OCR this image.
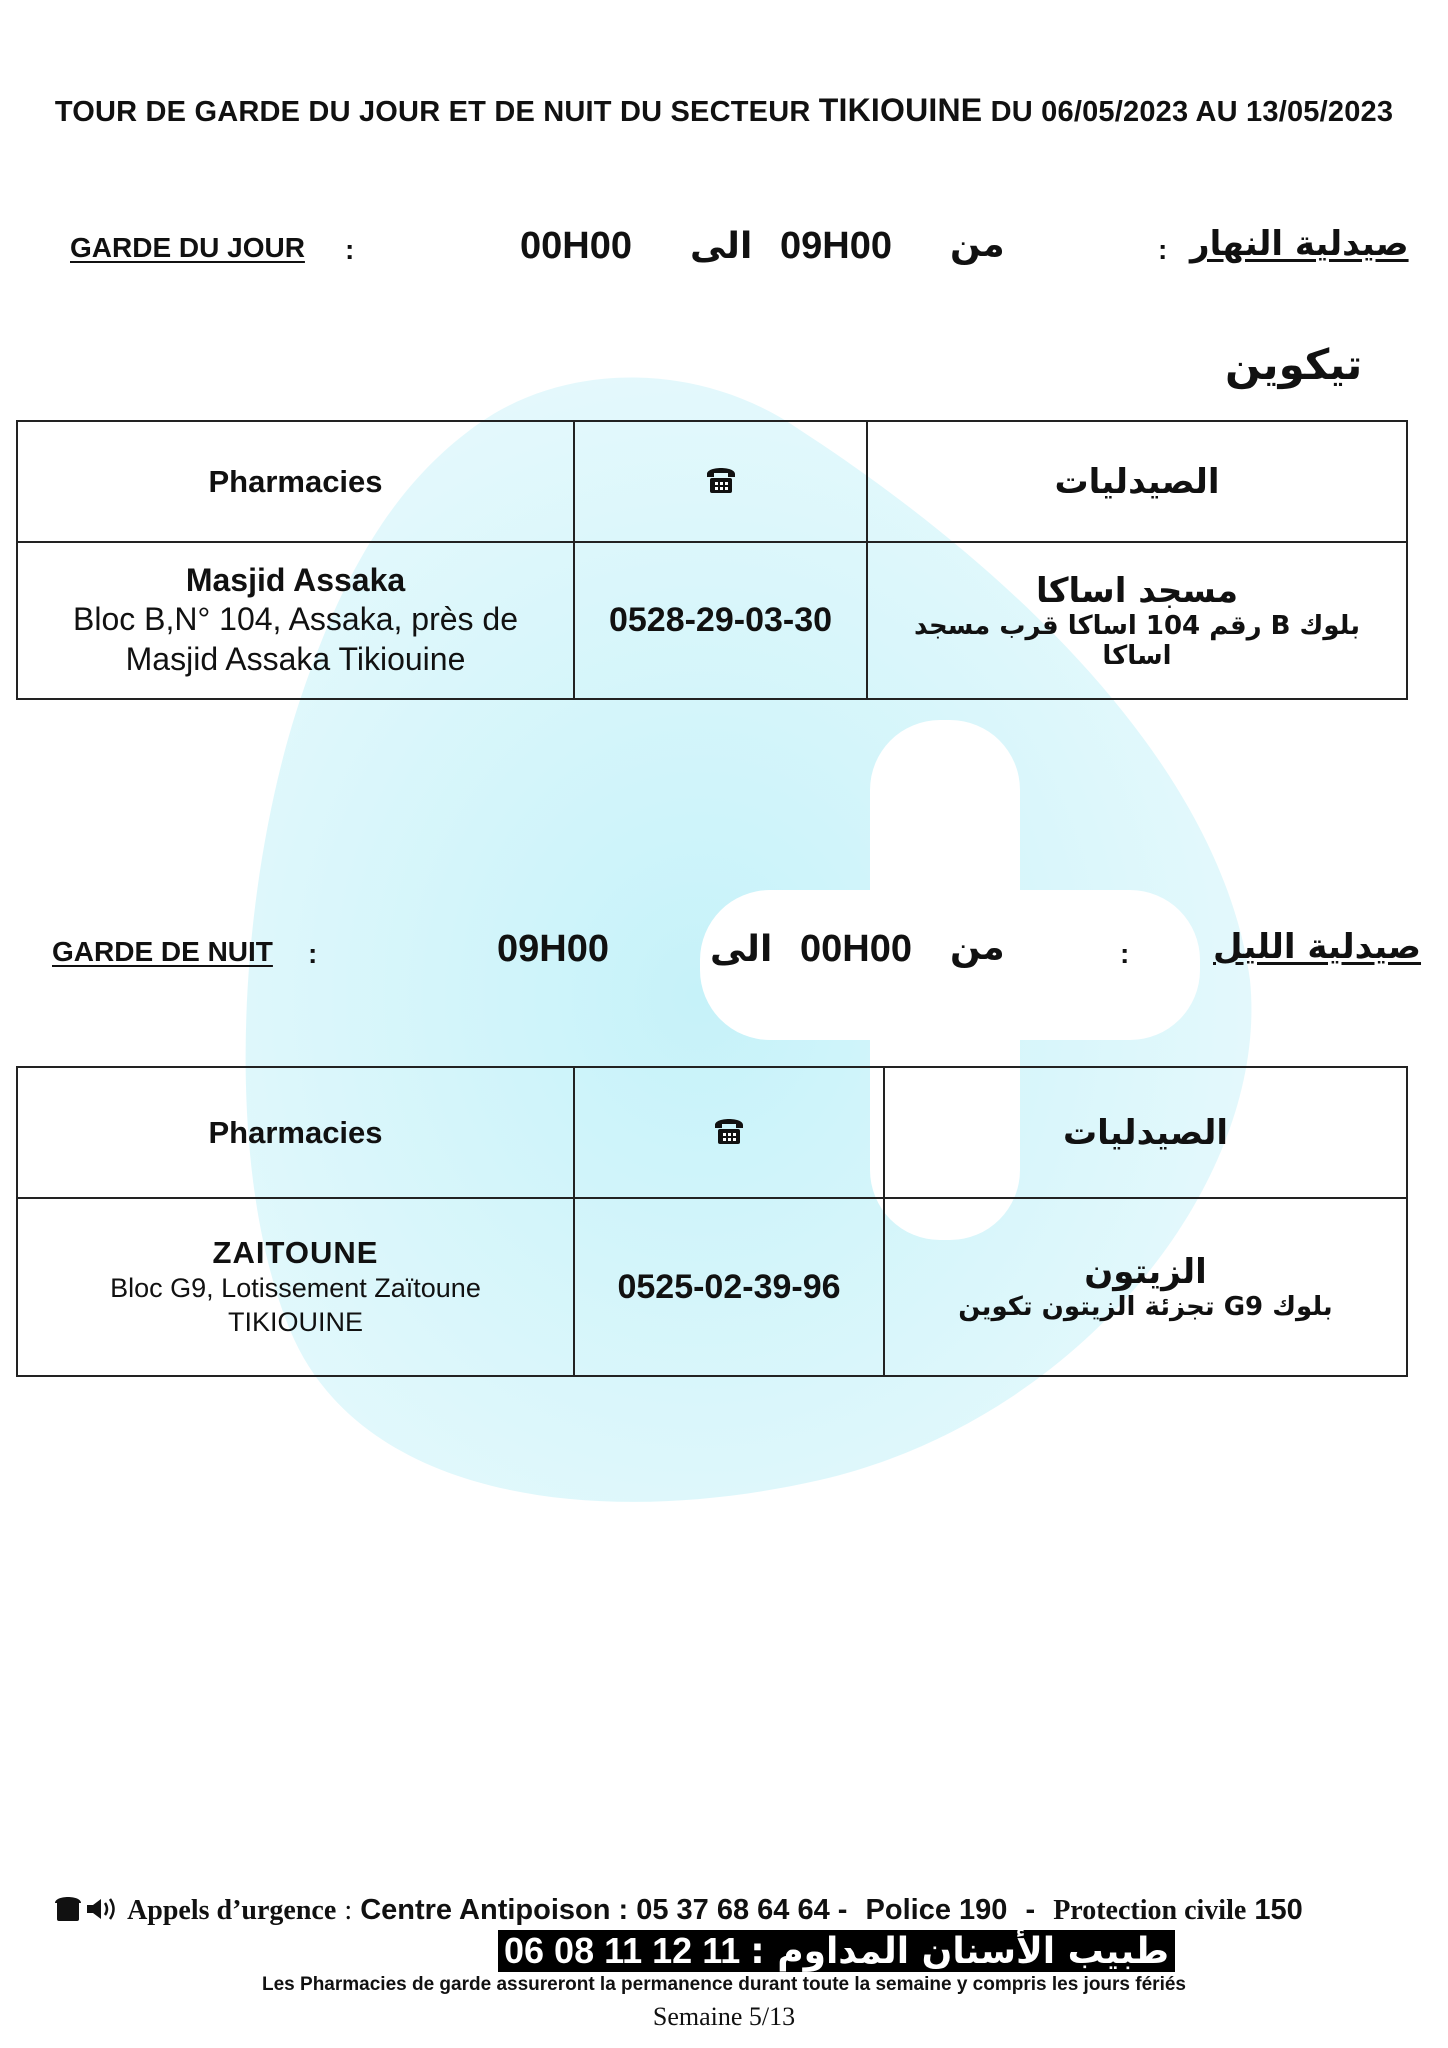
TOUR DE GARDE DU JOUR ET DE NUIT DU SECTEUR TIKIOUINE DU 06/05/2023 AU 13/05/2023
GARDE DU JOUR :	00H00 الى 09H00 من	: صيدلية النهار
تيكوين
Pharmacies		الصيدليات

Masjid Assaka
Bloc B,N° 104, Assaka, près de
Masjid Assaka Tikiouine	0528-29-03-30	مسجد اساكا
بلوك B رقم 104 اساكا قرب مسجد اساكا
GARDE DE NUIT :	09H00	الى 00H00 من	: صيدلية الليل
Pharmacies		الصيدليات

ZAITOUNE
Bloc G9, Lotissement Zaïtoune
TIKIOUINE	0525-02-39-96	الزيتون
بلوك G9 تجزئة الزيتون تكوين
Appels d’urgence : Centre Antipoison : 05 37 68 64 64 - Police 190 - Protection civile 150
06 08 11 12 11 : طبيب الأسنان المداوم
Les Pharmacies de garde assureront la permanence durant toute la semaine y compris les jours fériés
Semaine 5/13
